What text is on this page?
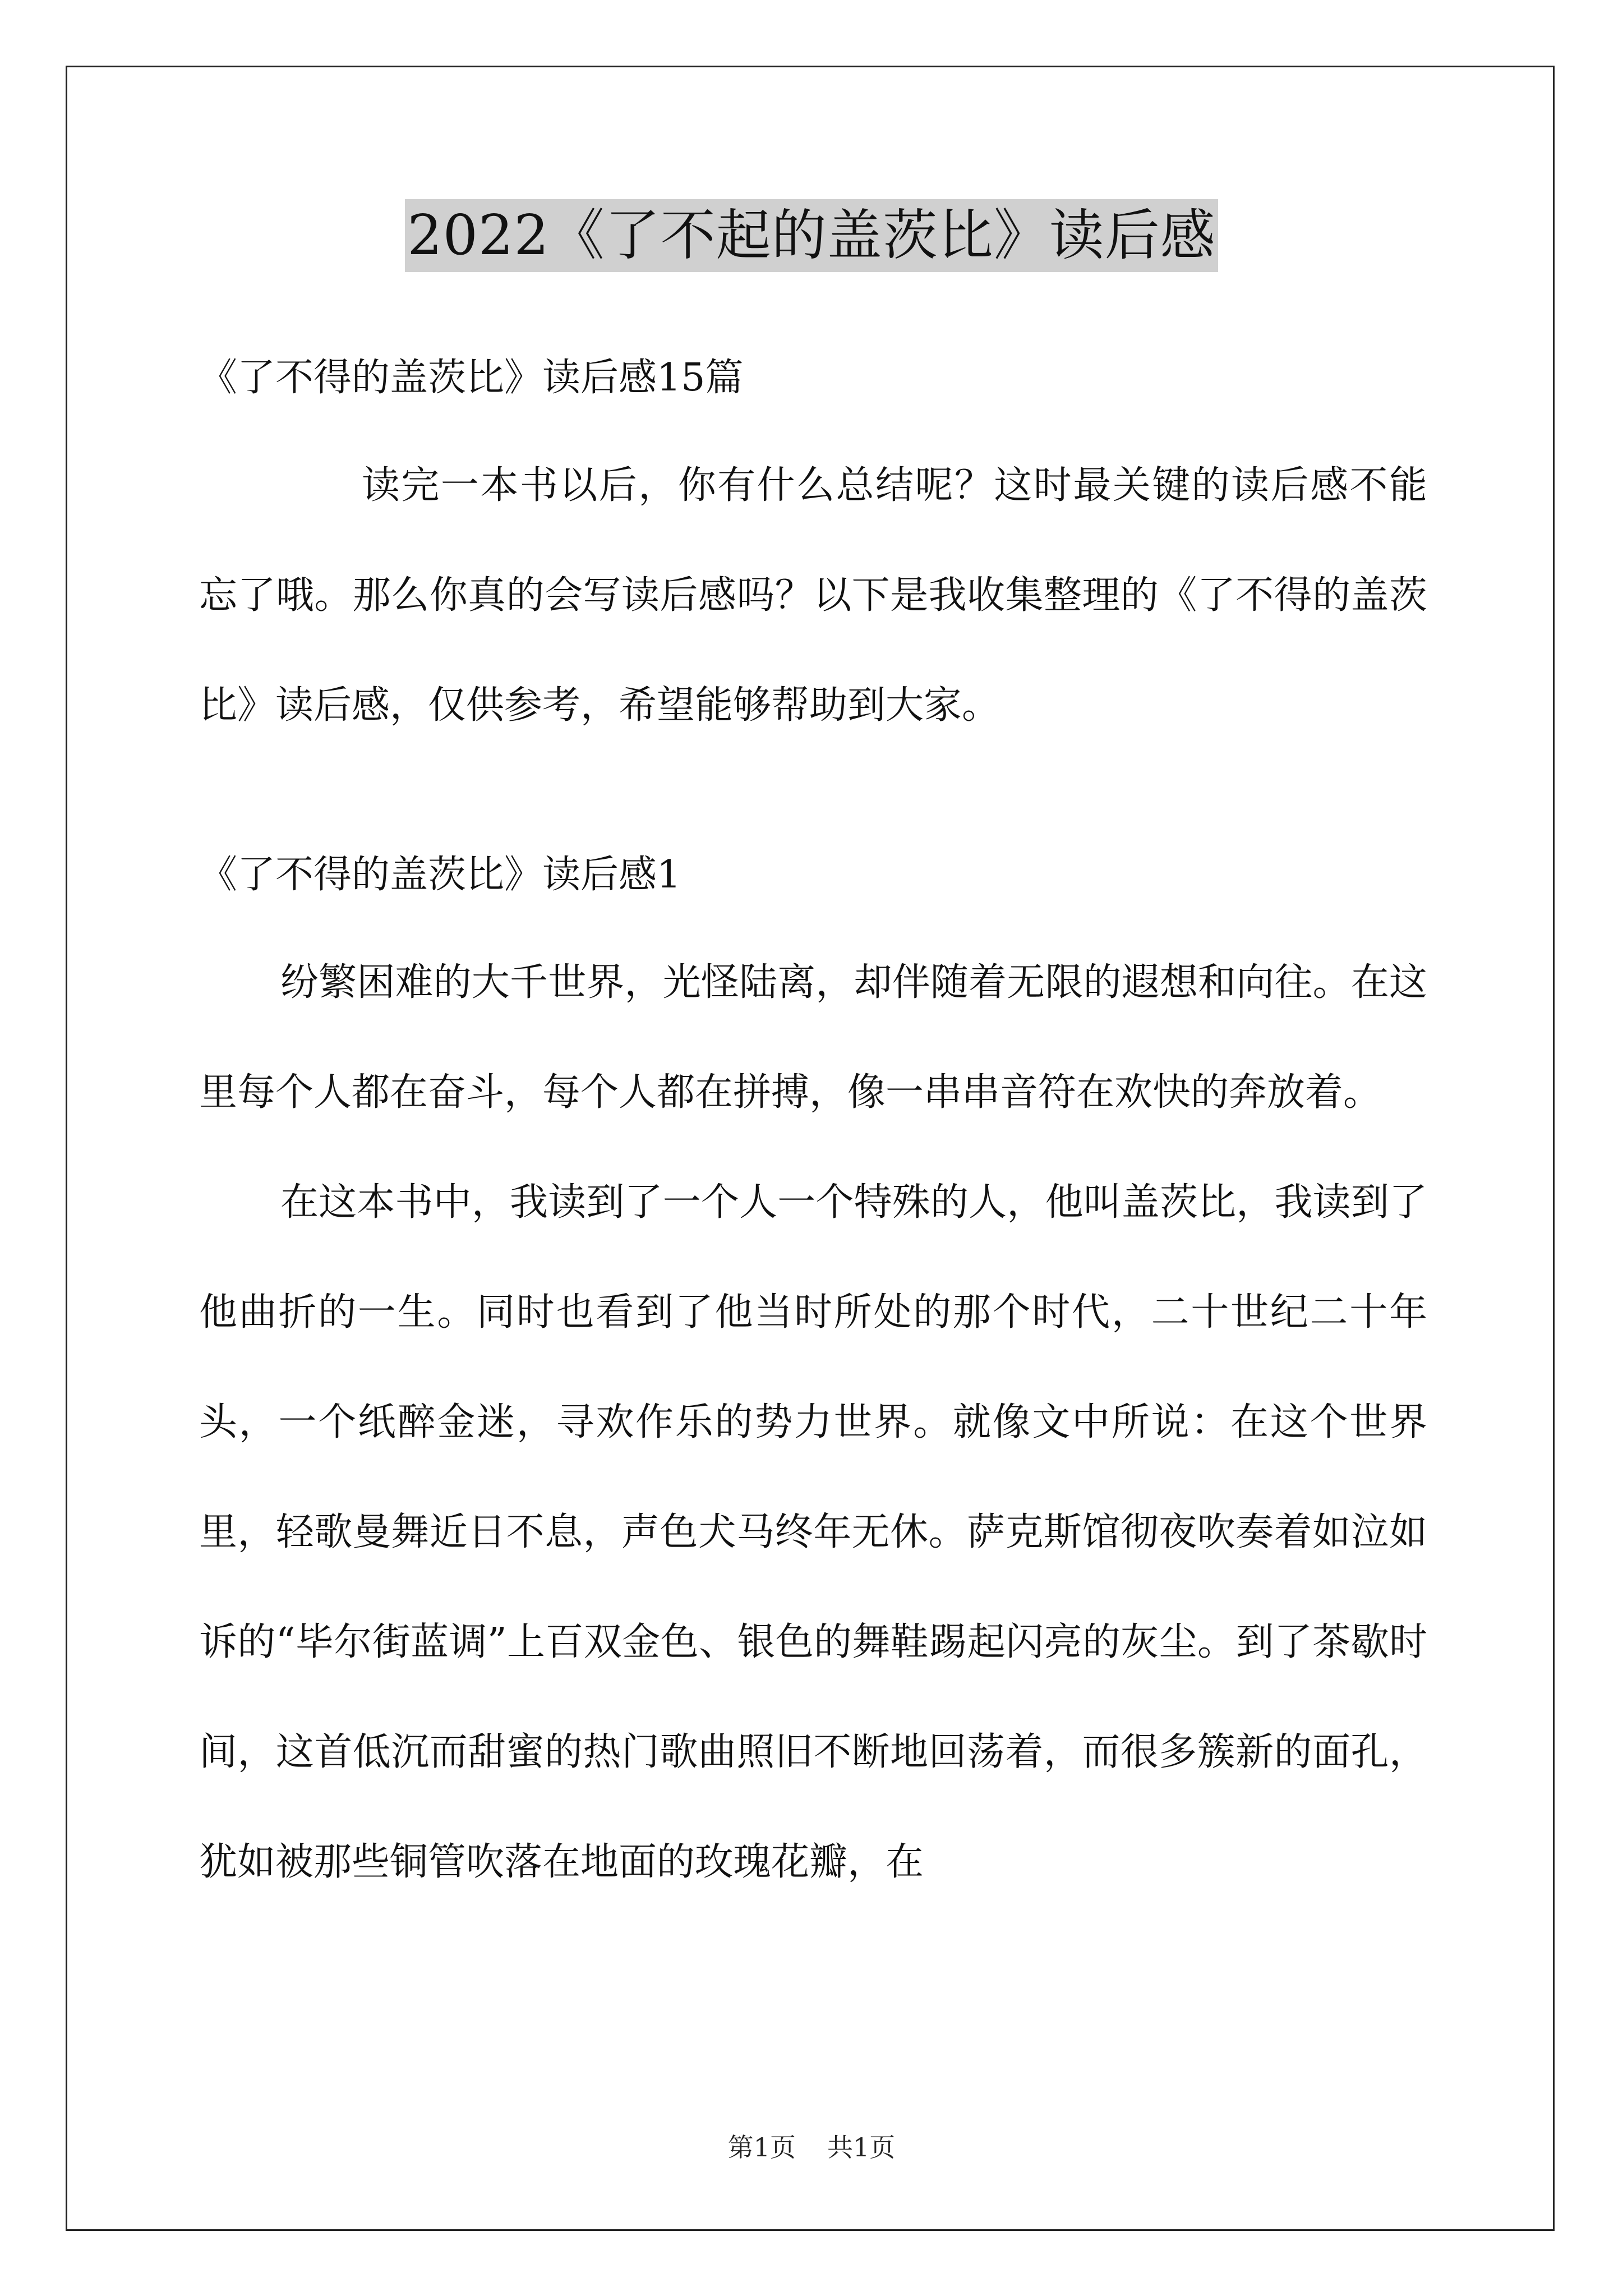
2022《了不起的盖茨比》读后感

《了不得的盖茨比》读后感15篇

读完一本书以后，你有什么总结呢？这时最关键的读后感不能忘了哦。那么你真的会写读后感吗？以下是我收集整理的《了不得的盖茨比》读后感，仅供参考，希望能够帮助到大家。

《了不得的盖茨比》读后感1

纷繁困难的大千世界，光怪陆离，却伴随着无限的遐想和向往。在这里每个人都在奋斗，每个人都在拼搏，像一串串音符在欢快的奔放着。

在这本书中，我读到了一个人一个特殊的人，他叫盖茨比，我读到了他曲折的一生。同时也看到了他当时所处的那个时代，二十世纪二十年头，一个纸醉金迷，寻欢作乐的势力世界。就像文中所说：在这个世界里，轻歌曼舞近日不息，声色犬马终年无休。萨克斯馆彻夜吹奏着如泣如诉的“毕尔街蓝调”上百双金色、银色的舞鞋踢起闪亮的灰尘。到了茶歇时间，这首低沉而甜蜜的热门歌曲照旧不断地回荡着，而很多簇新的面孔，犹如被那些铜管吹落在地面的玫瑰花瓣，在

第1页 共1页
